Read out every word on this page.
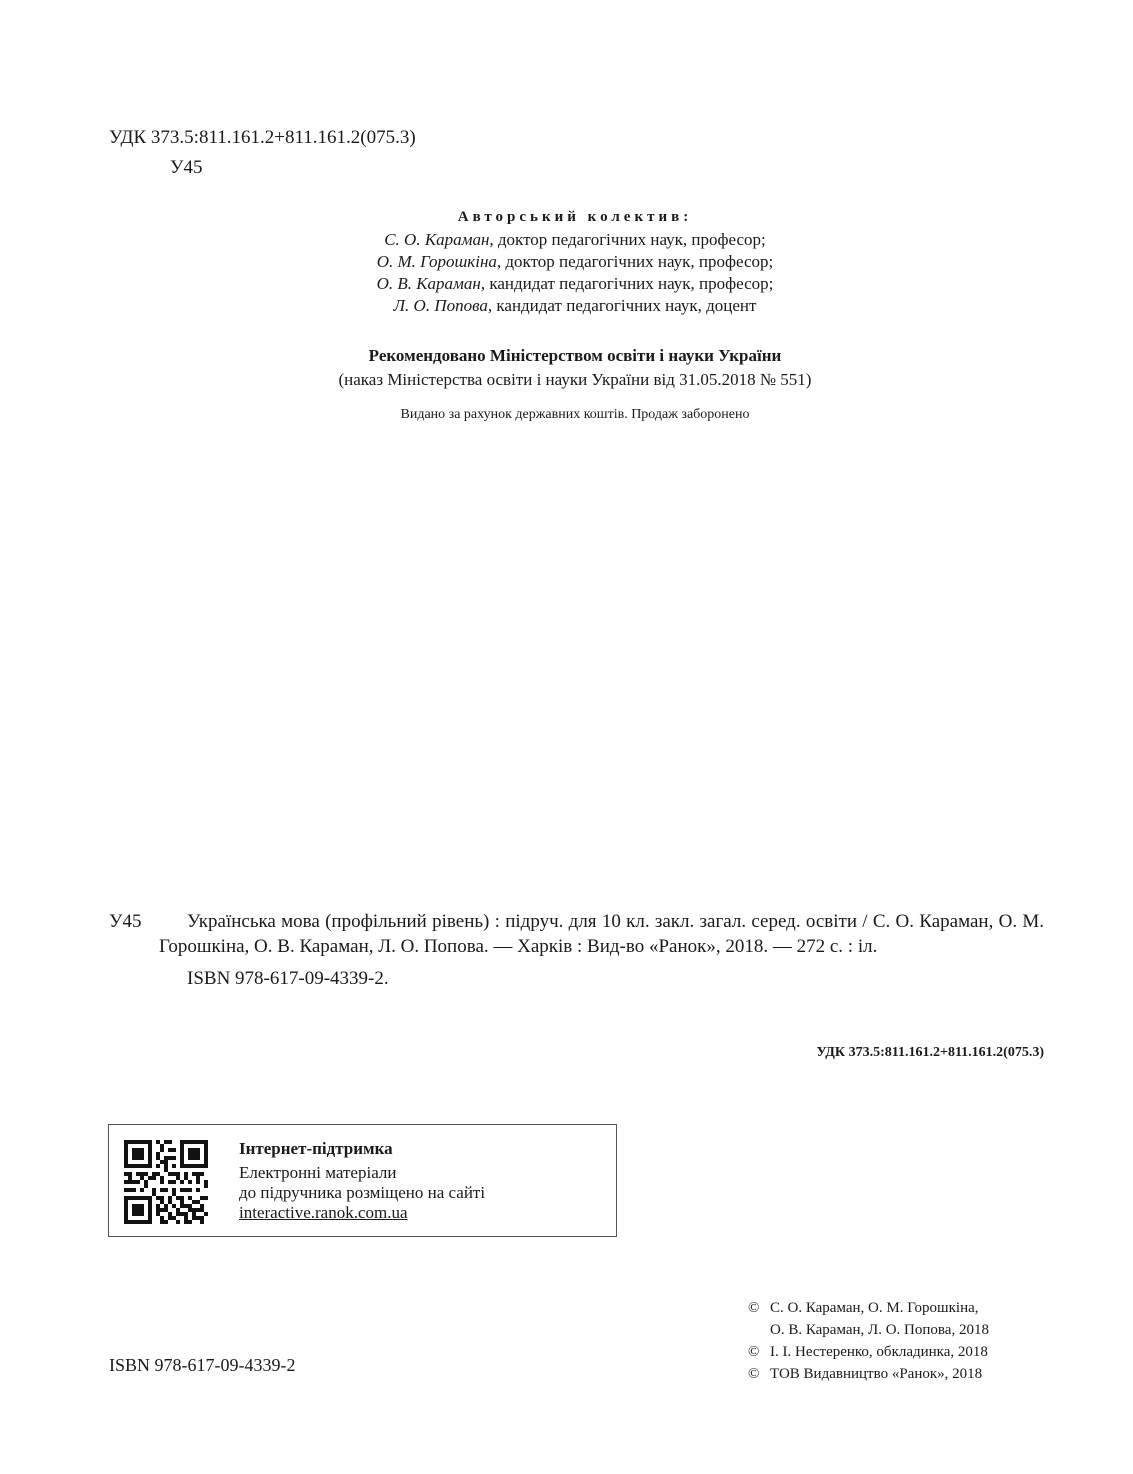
УДК 373.5:811.161.2+811.161.2(075.3)
У45
Авторський колектив:
С. О. Караман, доктор педагогічних наук, професор;
О. М. Горошкіна, доктор педагогічних наук, професор;
О. В. Караман, кандидат педагогічних наук, професор;
Л. О. Попова, кандидат педагогічних наук, доцент
Рекомендовано Міністерством освіти і науки України
(наказ Міністерства освіти і науки України від 31.05.2018 № 551)
Видано за рахунок державних коштів. Продаж заборонено
У45	Українська мова (профільний рівень) : підруч. для 10 кл. закл. загал. серед. освіти / С. О. Караман, О. М. Горошкіна, О. В. Караман, Л. О. Попова. — Харків : Вид-во «Ранок», 2018. — 272 с. : іл.
ISBN 978-617-09-4339-2.
УДК 373.5:811.161.2+811.161.2(075.3)
Інтернет-підтримка
Електронні матеріали
до підручника розміщено на сайті
interactive.ranok.com.ua
ISBN 978-617-09-4339-2
© С. О. Караман, О. М. Горошкіна,
О. В. Караман, Л. О. Попова, 2018
© І. І. Нестеренко, обкладинка, 2018
© ТОВ Видавництво «Ранок», 2018
